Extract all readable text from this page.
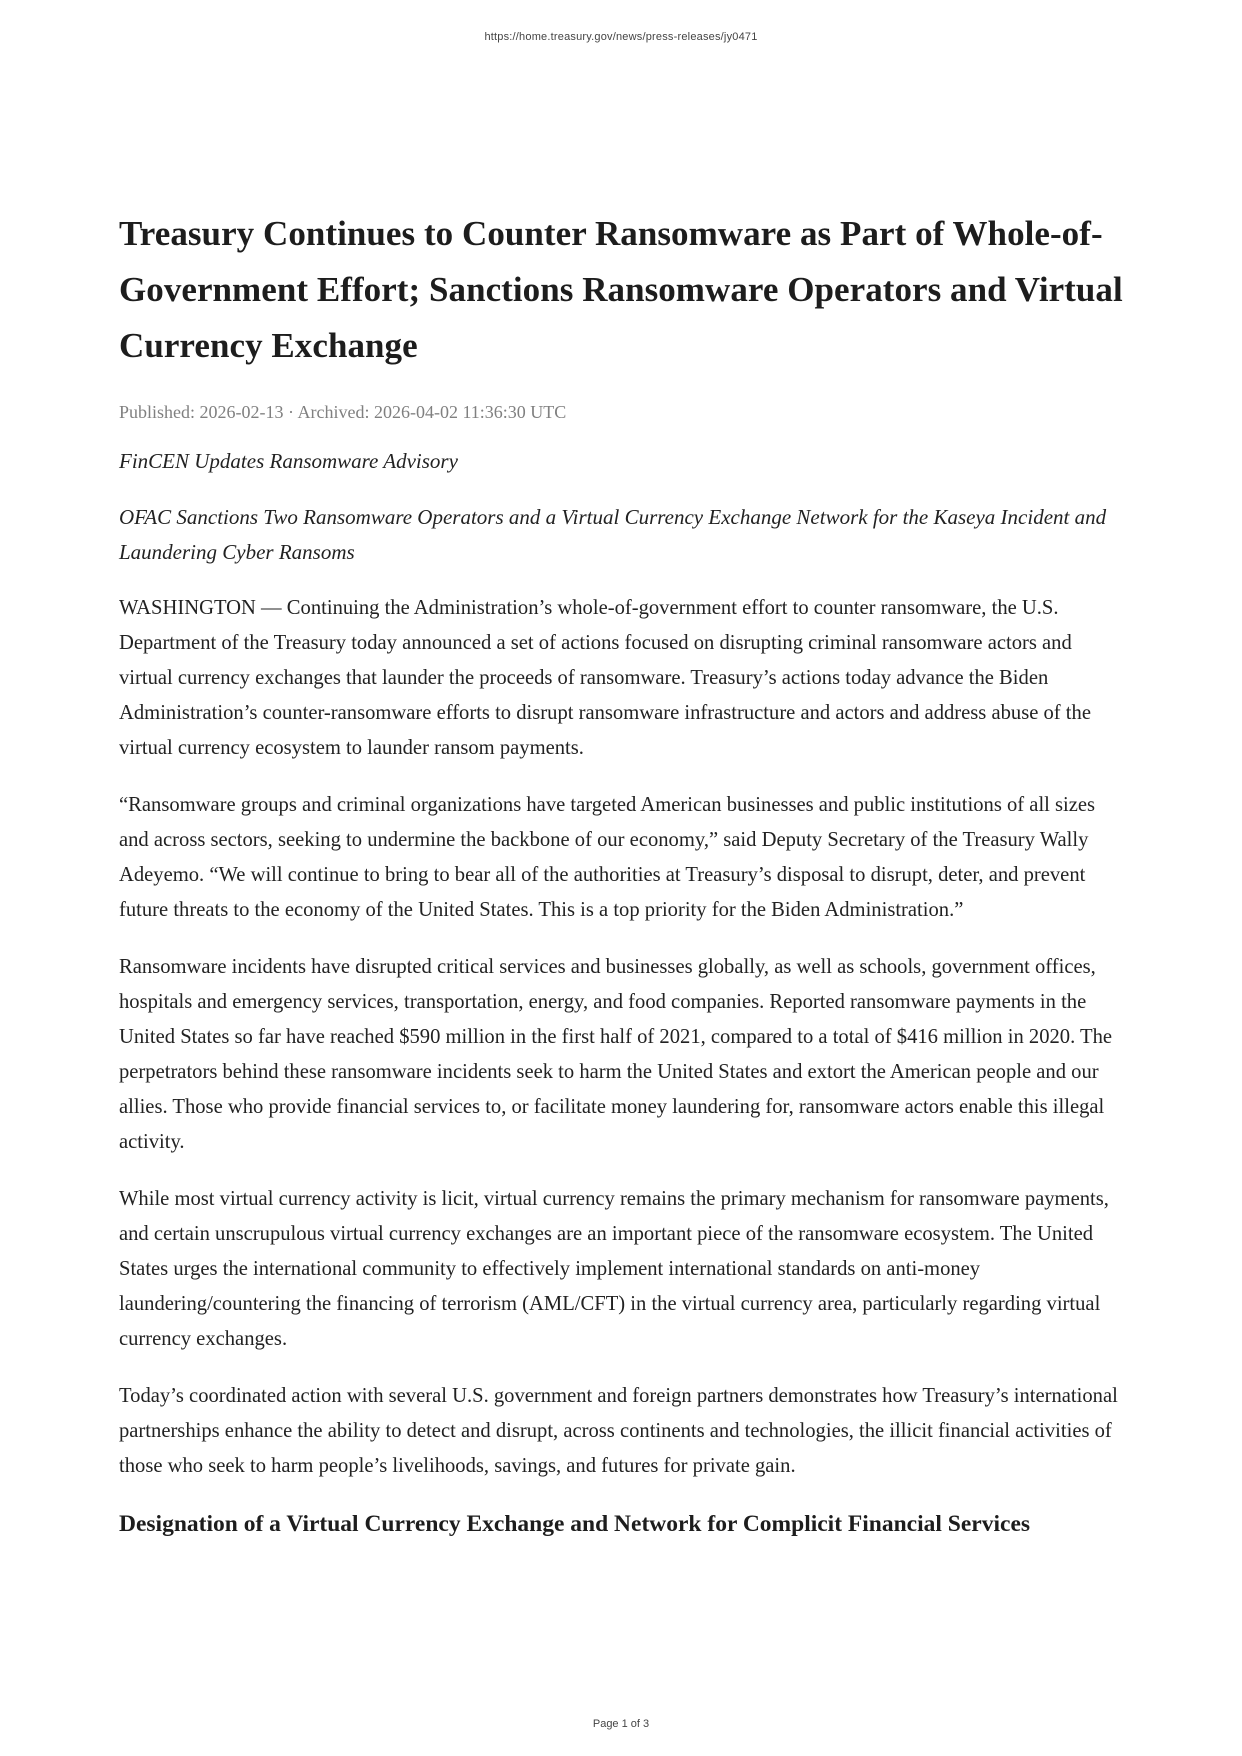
https://home.treasury.gov/news/press-releases/jy0471
Treasury Continues to Counter Ransomware as Part of Whole-of-Government Effort; Sanctions Ransomware Operators and Virtual Currency Exchange
Published: 2026-02-13 · Archived: 2026-04-02 11:36:30 UTC
FinCEN Updates Ransomware Advisory
OFAC Sanctions Two Ransomware Operators and a Virtual Currency Exchange Network for the Kaseya Incident and Laundering Cyber Ransoms

WASHINGTON — Continuing the Administration’s whole-of-government effort to counter ransomware, the U.S. Department of the Treasury today announced a set of actions focused on disrupting criminal ransomware actors and virtual currency exchanges that launder the proceeds of ransomware. Treasury’s actions today advance the Biden Administration’s counter-ransomware efforts to disrupt ransomware infrastructure and actors and address abuse of the virtual currency ecosystem to launder ransom payments.

“Ransomware groups and criminal organizations have targeted American businesses and public institutions of all sizes and across sectors, seeking to undermine the backbone of our economy,” said Deputy Secretary of the Treasury Wally Adeyemo. “We will continue to bring to bear all of the authorities at Treasury’s disposal to disrupt, deter, and prevent future threats to the economy of the United States. This is a top priority for the Biden Administration.”

Ransomware incidents have disrupted critical services and businesses globally, as well as schools, government offices, hospitals and emergency services, transportation, energy, and food companies. Reported ransomware payments in the United States so far have reached $590 million in the first half of 2021, compared to a total of $416 million in 2020. The perpetrators behind these ransomware incidents seek to harm the United States and extort the American people and our allies. Those who provide financial services to, or facilitate money laundering for, ransomware actors enable this illegal activity.

While most virtual currency activity is licit, virtual currency remains the primary mechanism for ransomware payments, and certain unscrupulous virtual currency exchanges are an important piece of the ransomware ecosystem. The United States urges the international community to effectively implement international standards on anti-money laundering/countering the financing of terrorism (AML/CFT) in the virtual currency area, particularly regarding virtual currency exchanges.

Today’s coordinated action with several U.S. government and foreign partners demonstrates how Treasury’s international partnerships enhance the ability to detect and disrupt, across continents and technologies, the illicit financial activities of those who seek to harm people’s livelihoods, savings, and futures for private gain.

Designation of a Virtual Currency Exchange and Network for Complicit Financial Services
Page 1 of 3
